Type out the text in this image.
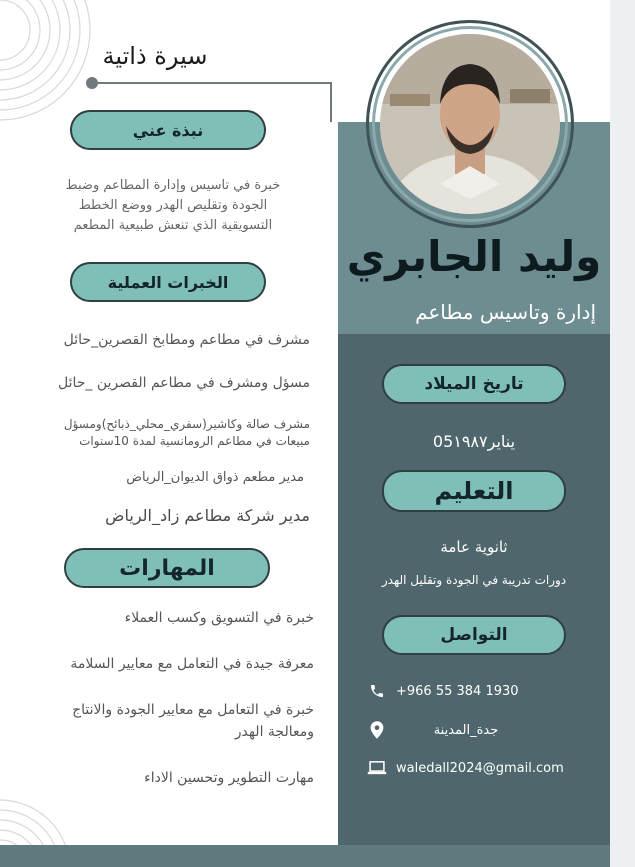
وليد الجابري
إدارة وتاسيس مطاعم
تاريخ الميلاد
05يناير١٩٨٧
التعليم
ثانوية عامة
دورات تدريبة في الجودة وتقليل الهدر
التواصل
+966 55 384 1930
جدة_المدينة
waledall2024@gmail.com
سيرة ذاتية
نبذة عني
خبرة في تاسيس وإدارة المطاعم وضبط
الجودة وتقليص الهدر ووضع الخطط
التسويقية الذي تنعش طبيعية المطعم
الخبرات العملية
مشرف في مطاعم ومطابخ القصرين_حائل
مسؤل ومشرف في مطاعم القصرين _حائل
مشرف صالة وكاشير(سفري_محلي_ذبائح)ومسؤل
مبيعات في مطاعم الرومانسية لمدة 10سنوات
مدير مطعم ذواق الديوان_الرياض
مدير شركة مطاعم زاد_الرياض
المهارات
خبرة في التسويق وكسب العملاء
معرفة جيدة في التعامل مع معايير السلامة
خبرة في التعامل مع معايير الجودة والانتاج
ومعالجة الهدر
مهارت التطوير وتحسين الاداء
